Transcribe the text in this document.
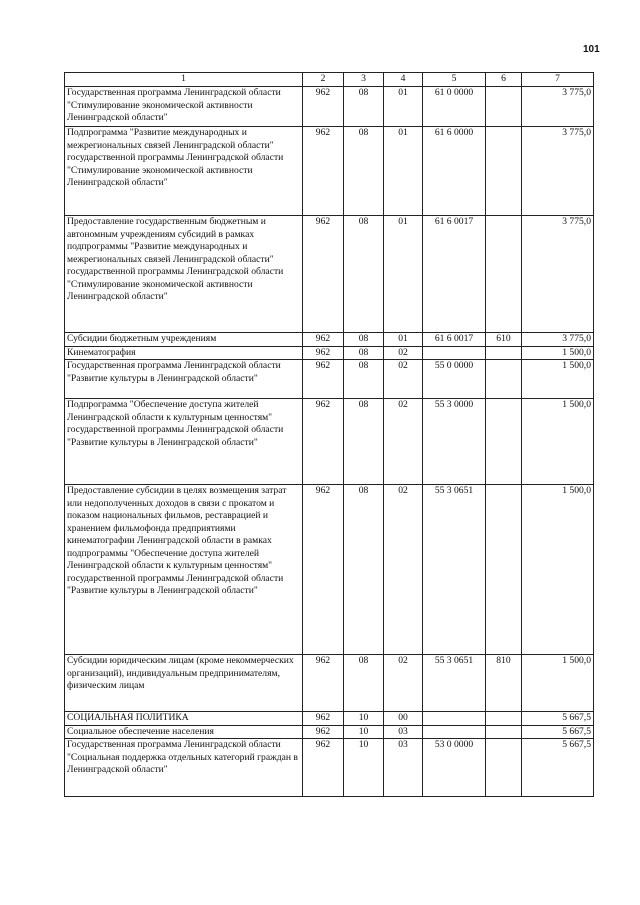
101
1	2	3	4	5	6	7
Государственная программа Ленинградской области "Стимулирование экономической активности Ленинградской области"	962	08	01	61 0 0000		3 775,0
Подпрограмма "Развитие международных и межрегиональных связей Ленинградской области" государственной программы Ленинградской области "Стимулирование экономической активности Ленинградской области"	962	08	01	61 6 0000		3 775,0
Предоставление государственным бюджетным и автономным учреждениям субсидий в рамках подпрограммы "Развитие международных и межрегиональных связей Ленинградской области" государственной программы Ленинградской области "Стимулирование экономической активности Ленинградской области"	962	08	01	61 6 0017		3 775,0
Субсидии бюджетным учреждениям	962	08	01	61 6 0017	610	3 775,0
Кинематография	962	08	02			1 500,0
Государственная программа Ленинградской области "Развитие культуры в Ленинградской области"	962	08	02	55 0 0000		1 500,0
Подпрограмма "Обеспечение доступа жителей Ленинградской области к культурным ценностям" государственной программы Ленинградской области "Развитие культуры в Ленинградской области"	962	08	02	55 3 0000		1 500,0
Предоставление субсидии в целях возмещения затрат или недополученных доходов в связи с прокатом и показом национальных фильмов, реставрацией и хранением фильмофонда предприятиями кинематографии Ленинградской области в рамках подпрограммы "Обеспечение доступа жителей Ленинградской области к культурным ценностям" государственной программы Ленинградской области "Развитие культуры в Ленинградской области"	962	08	02	55 3 0651		1 500,0
Субсидии юридическим лицам (кроме некоммерческих организаций), индивидуальным предпринимателям, физическим лицам	962	08	02	55 3 0651	810	1 500,0
СОЦИАЛЬНАЯ ПОЛИТИКА	962	10	00			5 667,5
Социальное обеспечение населения	962	10	03			5 667,5
Государственная программа Ленинградской области "Социальная поддержка отдельных категорий граждан в Ленинградской области"	962	10	03	53 0 0000		5 667,5
